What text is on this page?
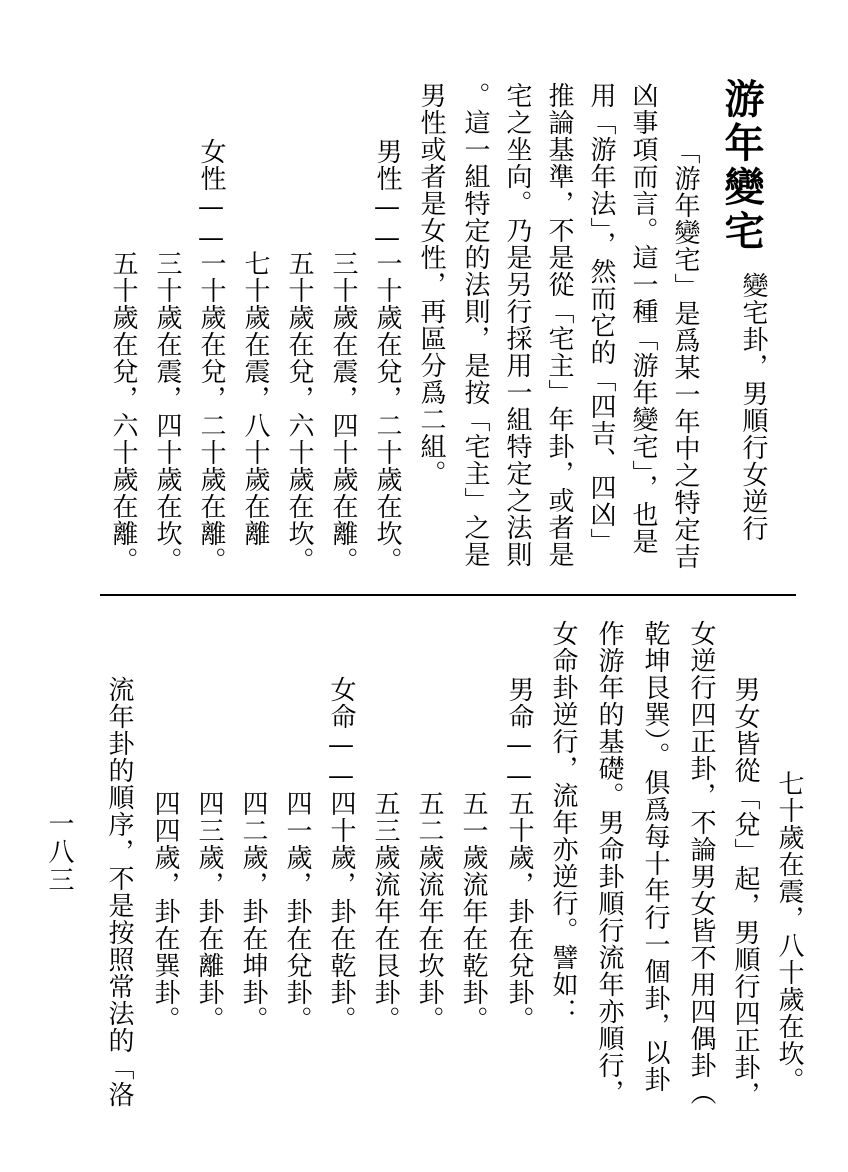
游年變宅
變宅卦，男順行女逆行
「游年變宅」是爲某一年中之特定吉
凶事項而言。這一種「游年變宅」，也是
用「游年法」，然而它的「四吉、四凶」
推論基準，不是從「宅主」年卦，或者是
宅之坐向。乃是另行採用一組特定之法則
。這一組特定的法則，是按「宅主」之是
男性或者是女性，再區分爲二組。
男性——
一十歲在兌，二十歲在坎。
三十歲在震，四十歲在離。
五十歲在兌，六十歲在坎。
七十歲在震，八十歲在離
女性——
一十歲在兌，二十歲在離。
三十歲在震，四十歲在坎。
五十歲在兌，六十歲在離。
七十歲在震，八十歲在坎。
男女皆從「兌」起，男順行四正卦，
女逆行四正卦，不論男女皆不用四偶卦（
乾坤艮巽）。俱爲每十年行一個卦，以卦
作游年的基礎。男命卦順行流年亦順行，
女命卦逆行，流年亦逆行。譬如：
男命——
五十歲，卦在兌卦。
五一歲流年在乾卦。
五二歲流年在坎卦。
五三歲流年在艮卦。
女命——
四十歲，卦在乾卦。
四一歲，卦在兌卦。
四二歲，卦在坤卦。
四三歲，卦在離卦。
四四歲，卦在巽卦。
流年卦的順序，不是按照常法的「洛
一八三
